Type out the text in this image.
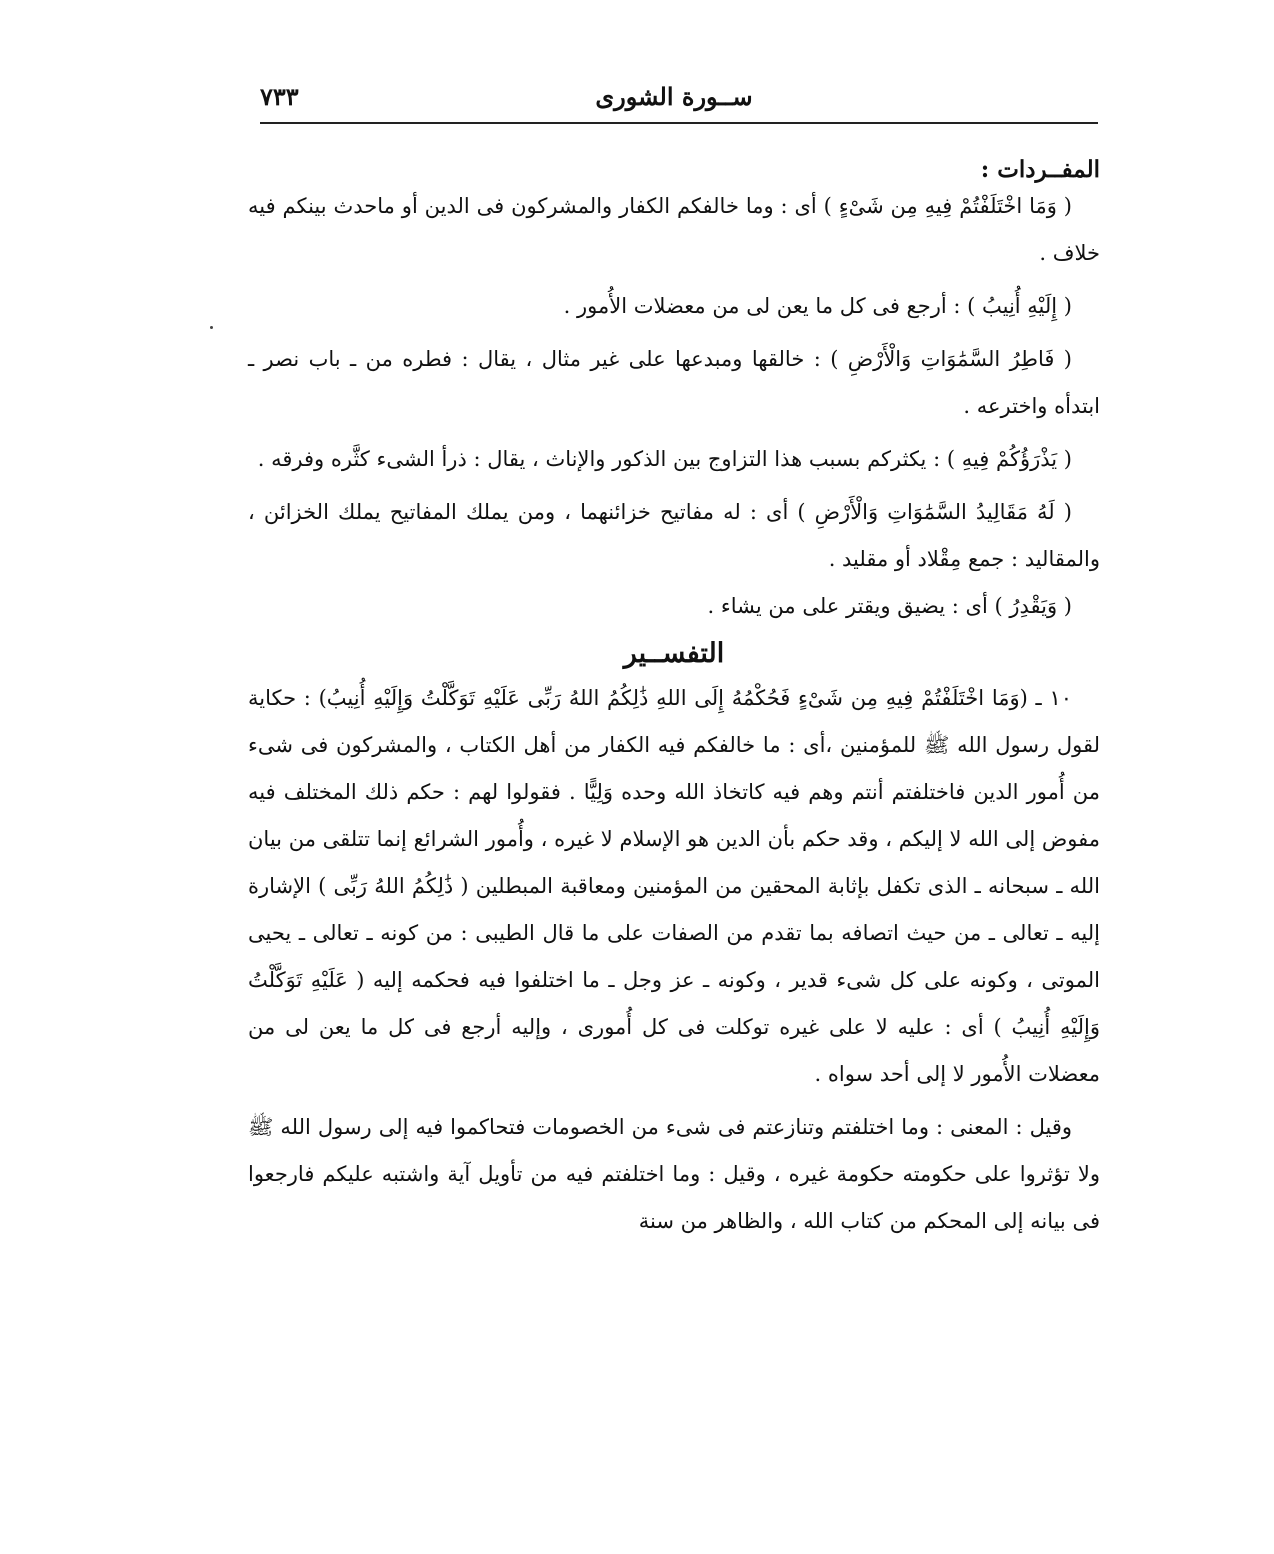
ســورة الشورى
٧٣٣
المفــردات :

( وَمَا اخْتَلَفْتُمْ فِيهِ مِن شَىْءٍ ) أى : وما خالفكم الكفار والمشركون فى الدين أو ماحدث بينكم فيه خلاف .

( إِلَيْهِ أُنِيبُ ) : أرجع فى كل ما يعن لى من معضلات الأُمور .

( فَاطِرُ السَّمَٰوَاتِ وَالْأَرْضِ ) : خالقها ومبدعها على غير مثال ، يقال : فطره من ـ باب نصر ـ ابتدأه واخترعه .

( يَذْرَؤُكُمْ فِيهِ ) : يكثركم بسبب هذا التزاوج بين الذكور والإناث ، يقال : ذرأ الشىء كثَّره وفرقه .

( لَهُ مَقَالِيدُ السَّمَٰوَاتِ وَالْأَرْضِ ) أى : له مفاتيح خزائنهما ، ومن يملك المفاتيح يملك الخزائن ، والمقاليد : جمع مِقْلاد أو مقليد .

( وَيَقْدِرُ ) أى : يضيق ويقتر على من يشاء .

التفســير

١٠ ـ (وَمَا اخْتَلَفْتُمْ فِيهِ مِن شَىْءٍ فَحُكْمُهُ إِلَى اللهِ ذَٰلِكُمُ اللهُ رَبِّى عَلَيْهِ تَوَكَّلْتُ وَإِلَيْهِ أُنِيبُ) : حكاية لقول رسول الله ﷺ للمؤمنين ،أى : ما خالفكم فيه الكفار من أهل الكتاب ، والمشركون فى شىء من أُمور الدين فاختلفتم أنتم وهم فيه كاتخاذ الله وحده وَلِيًّا . فقولوا لهم : حكم ذلك المختلف فيه مفوض إلى الله لا إليكم ، وقد حكم بأن الدين هو الإسلام لا غيره ، وأُمور الشرائع إنما تتلقى من بيان الله ـ سبحانه ـ الذى تكفل بإثابة المحقين من المؤمنين ومعاقبة المبطلين ( ذَٰلِكُمُ اللهُ رَبِّى ) الإشارة إليه ـ تعالى ـ من حيث اتصافه بما تقدم من الصفات على ما قال الطيبى : من كونه ـ تعالى ـ يحيى الموتى ، وكونه على كل شىء قدير ، وكونه ـ عز وجل ـ ما اختلفوا فيه فحكمه إليه ( عَلَيْهِ تَوَكَّلْتُ وَإِلَيْهِ أُنِيبُ ) أى : عليه لا على غيره توكلت فى كل أُمورى ، وإليه أرجع فى كل ما يعن لى من معضلات الأُمور لا إلى أحد سواه .

وقيل : المعنى : وما اختلفتم وتنازعتم فى شىء من الخصومات فتحاكموا فيه إلى رسول الله ﷺ ولا تؤثروا على حكومته حكومة غيره ، وقيل : وما اختلفتم فيه من تأويل آية واشتبه عليكم فارجعوا فى بيانه إلى المحكم من كتاب الله ، والظاهر من سنة
